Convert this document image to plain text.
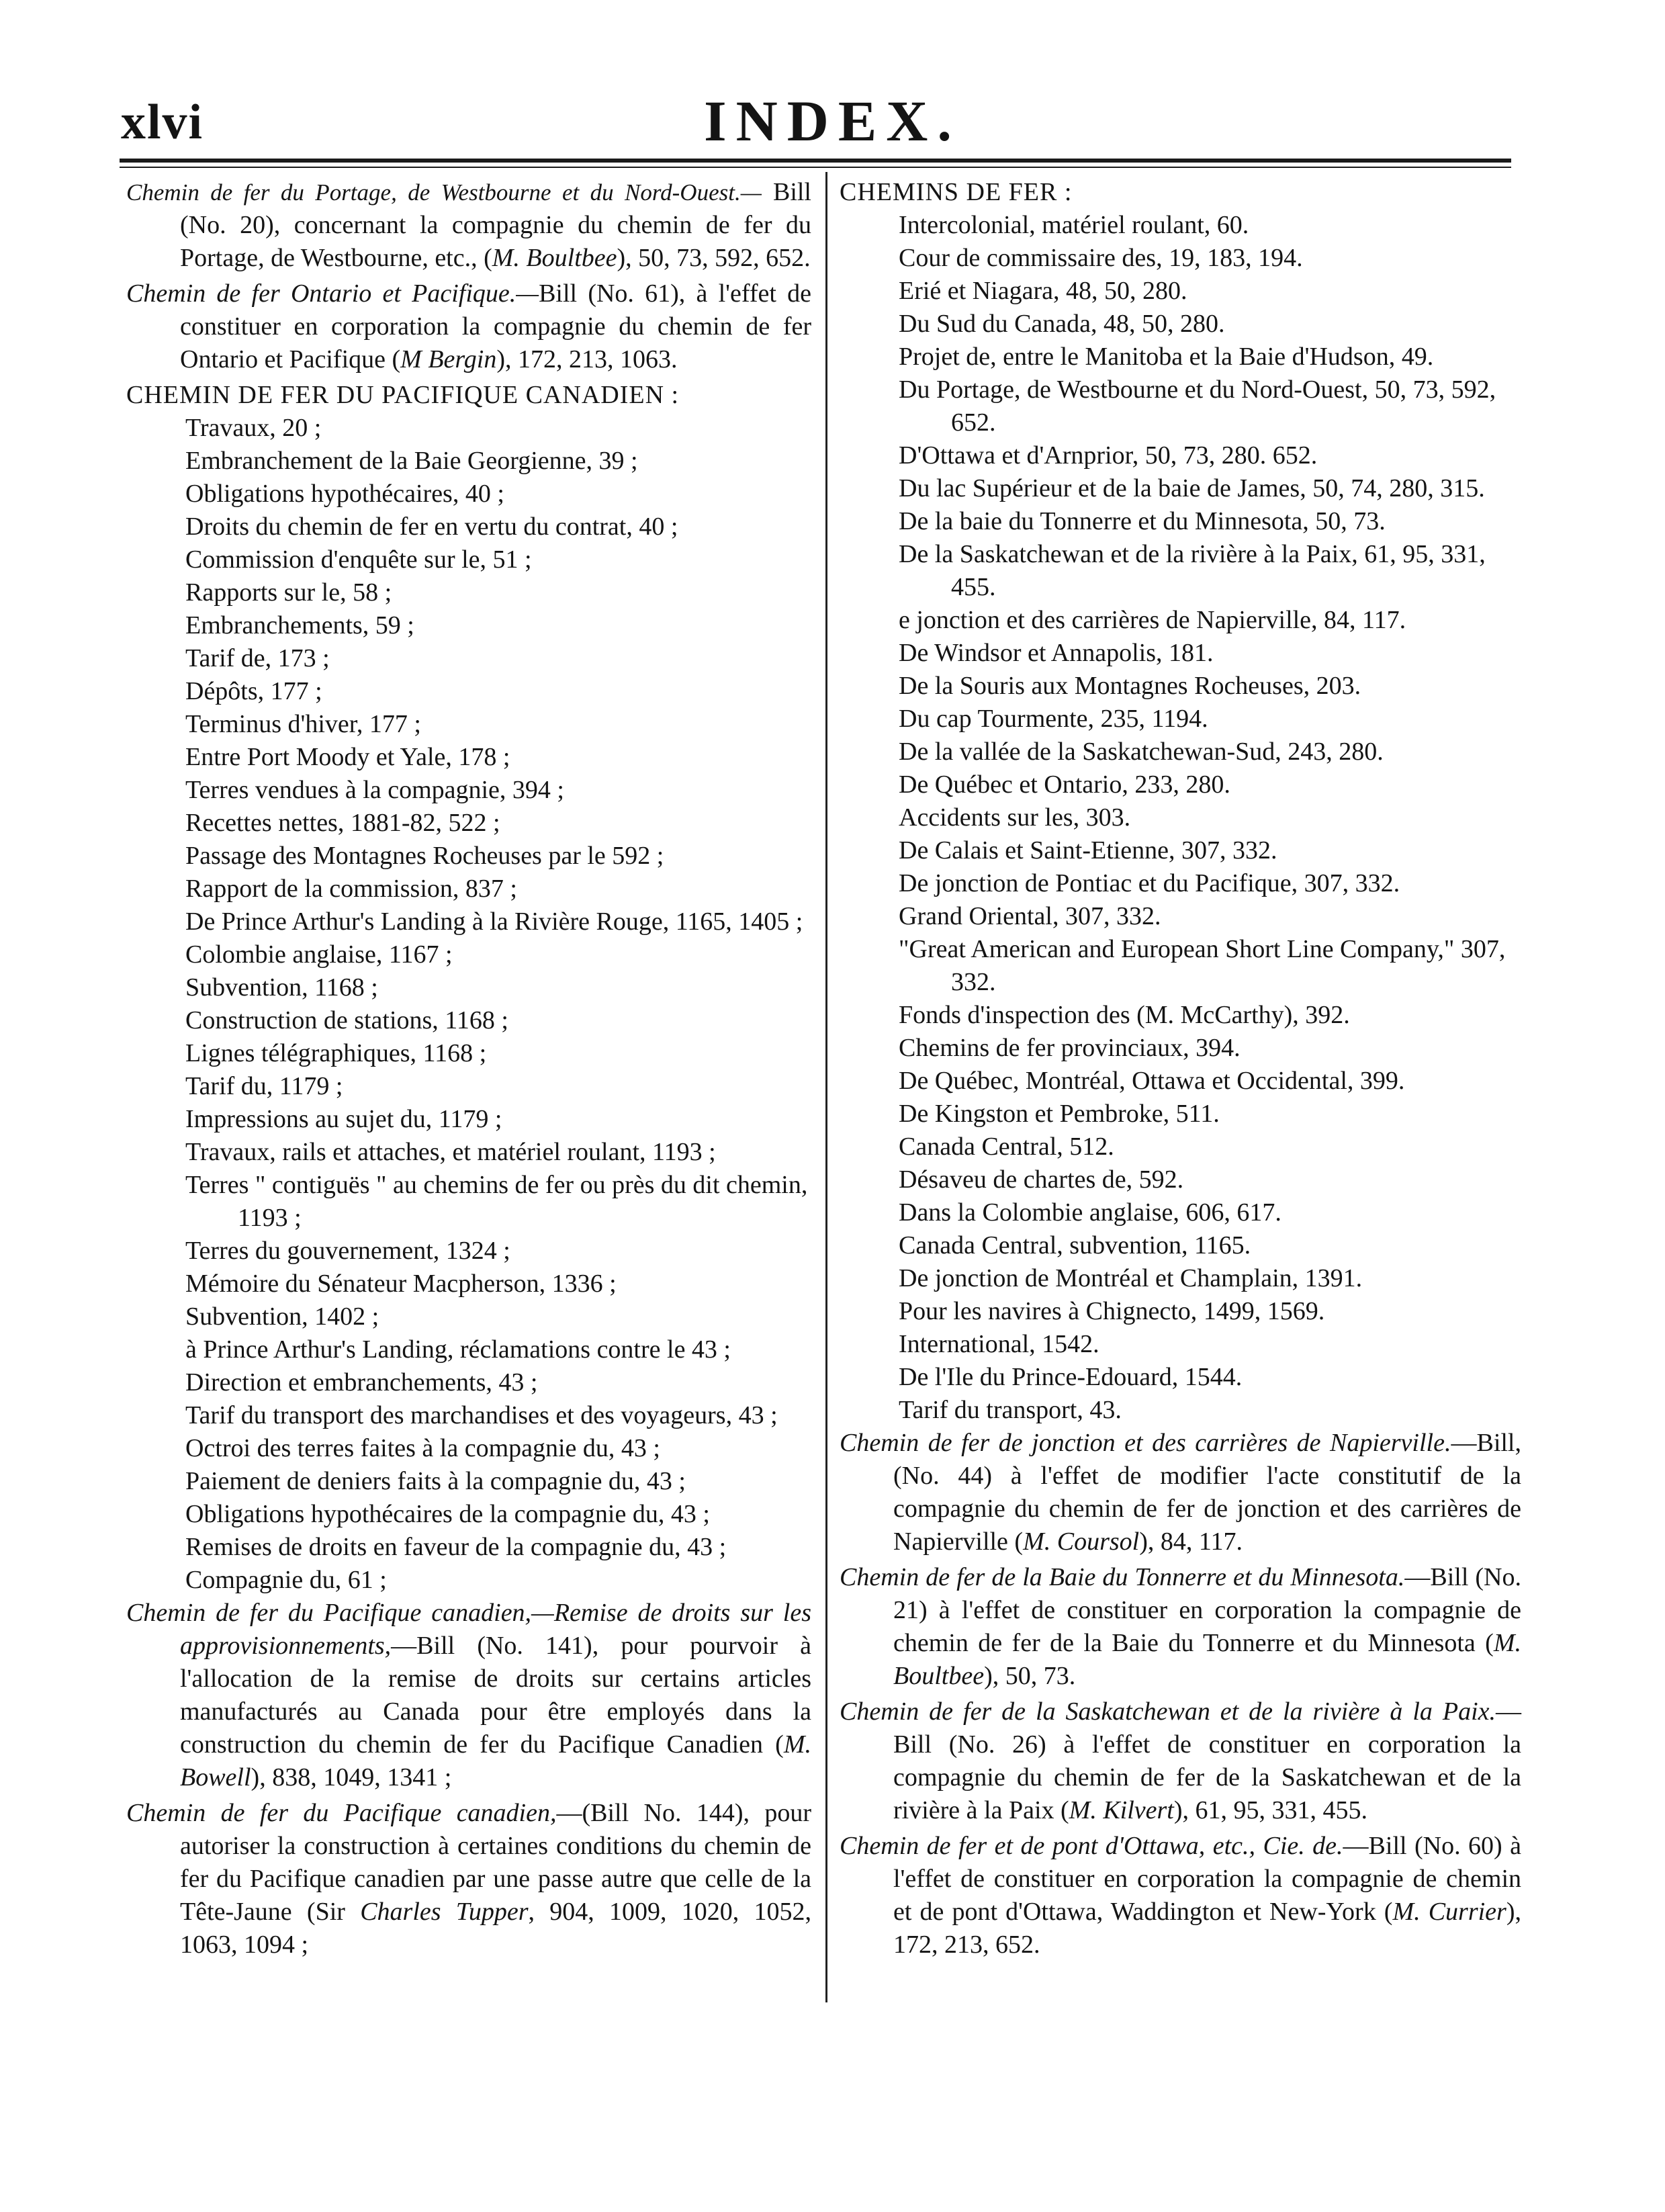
xlvi	INDEX.
Chemin de fer du Portage, de Westbourne et du Nord-Ouest.— Bill (No. 20), concernant la compagnie du chemin de fer du Portage, de Westbourne, etc., (M. Boultbee), 50, 73, 592, 652.
Chemin de fer Ontario et Pacifique.—Bill (No. 61), à l'effet de constituer en corporation la compagnie du chemin de fer Ontario et Pacifique (M Bergin), 172, 213, 1063.
CHEMIN DE FER DU PACIFIQUE CANADIEN :
Travaux, 20 ;
Embranchement de la Baie Georgienne, 39 ;
Obligations hypothécaires, 40 ;
Droits du chemin de fer en vertu du contrat, 40 ;
Commission d'enquête sur le, 51 ;
Rapports sur le, 58 ;
Embranchements, 59 ;
Tarif de, 173 ;
Dépôts, 177 ;
Terminus d'hiver, 177 ;
Entre Port Moody et Yale, 178 ;
Terres vendues à la compagnie, 394 ;
Recettes nettes, 1881-82, 522 ;
Passage des Montagnes Rocheuses par le 592 ;
Rapport de la commission, 837 ;
De Prince Arthur's Landing à la Rivière Rouge, 1165, 1405 ;
Colombie anglaise, 1167 ;
Subvention, 1168 ;
Construction de stations, 1168 ;
Lignes télégraphiques, 1168 ;
Tarif du, 1179 ;
Impressions au sujet du, 1179 ;
Travaux, rails et attaches, et matériel roulant, 1193 ;
Terres " contiguës " au chemins de fer ou près du dit chemin, 1193 ;
Terres du gouvernement, 1324 ;
Mémoire du Sénateur Macpherson, 1336 ;
Subvention, 1402 ;
à Prince Arthur's Landing, réclamations contre le 43 ;
Direction et embranchements, 43 ;
Tarif du transport des marchandises et des voyageurs, 43 ;
Octroi des terres faites à la compagnie du, 43 ;
Paiement de deniers faits à la compagnie du, 43 ;
Obligations hypothécaires de la compagnie du, 43 ;
Remises de droits en faveur de la compagnie du, 43 ;
Compagnie du, 61 ;
Chemin de fer du Pacifique canadien,—Remise de droits sur les approvisionnements,—Bill (No. 141), pour pourvoir à l'allocation de la remise de droits sur certains articles manufacturés au Canada pour être employés dans la construction du chemin de fer du Pacifique Canadien (M. Bowell), 838, 1049, 1341 ;
Chemin de fer du Pacifique canadien,—(Bill No. 144), pour autoriser la construction à certaines conditions du chemin de fer du Pacifique canadien par une passe autre que celle de la Tête-Jaune (Sir Charles Tupper, 904, 1009, 1020, 1052, 1063, 1094 ;
CHEMINS DE FER :
Intercolonial, matériel roulant, 60.
Cour de commissaire des, 19, 183, 194.
Erié et Niagara, 48, 50, 280.
Du Sud du Canada, 48, 50, 280.
Projet de, entre le Manitoba et la Baie d'Hudson, 49.
Du Portage, de Westbourne et du Nord-Ouest, 50, 73, 592, 652.
D'Ottawa et d'Arnprior, 50, 73, 280. 652.
Du lac Supérieur et de la baie de James, 50, 74, 280, 315.
De la baie du Tonnerre et du Minnesota, 50, 73.
De la Saskatchewan et de la rivière à la Paix, 61, 95, 331, 455.
e jonction et des carrières de Napierville, 84, 117.
De Windsor et Annapolis, 181.
De la Souris aux Montagnes Rocheuses, 203.
Du cap Tourmente, 235, 1194.
De la vallée de la Saskatchewan-Sud, 243, 280.
De Québec et Ontario, 233, 280.
Accidents sur les, 303.
De Calais et Saint-Etienne, 307, 332.
De jonction de Pontiac et du Pacifique, 307, 332.
Grand Oriental, 307, 332.
"Great American and European Short Line Company," 307, 332.
Fonds d'inspection des (M. McCarthy), 392.
Chemins de fer provinciaux, 394.
De Québec, Montréal, Ottawa et Occidental, 399.
De Kingston et Pembroke, 511.
Canada Central, 512.
Désaveu de chartes de, 592.
Dans la Colombie anglaise, 606, 617.
Canada Central, subvention, 1165.
De jonction de Montréal et Champlain, 1391.
Pour les navires à Chignecto, 1499, 1569.
International, 1542.
De l'Ile du Prince-Edouard, 1544.
Tarif du transport, 43.
Chemin de fer de jonction et des carrières de Napierville.—Bill, (No. 44) à l'effet de modifier l'acte constitutif de la compagnie du chemin de fer de jonction et des carrières de Napierville (M. Coursol), 84, 117.
Chemin de fer de la Baie du Tonnerre et du Minnesota.—Bill (No. 21) à l'effet de constituer en corporation la compagnie de chemin de fer de la Baie du Tonnerre et du Minnesota (M. Boultbee), 50, 73.
Chemin de fer de la Saskatchewan et de la rivière à la Paix.— Bill (No. 26) à l'effet de constituer en corporation la compagnie du chemin de fer de la Saskatchewan et de la rivière à la Paix (M. Kilvert), 61, 95, 331, 455.
Chemin de fer et de pont d'Ottawa, etc., Cie. de.—Bill (No. 60) à l'effet de constituer en corporation la compagnie de chemin et de pont d'Ottawa, Waddington et New-York (M. Currier), 172, 213, 652.
